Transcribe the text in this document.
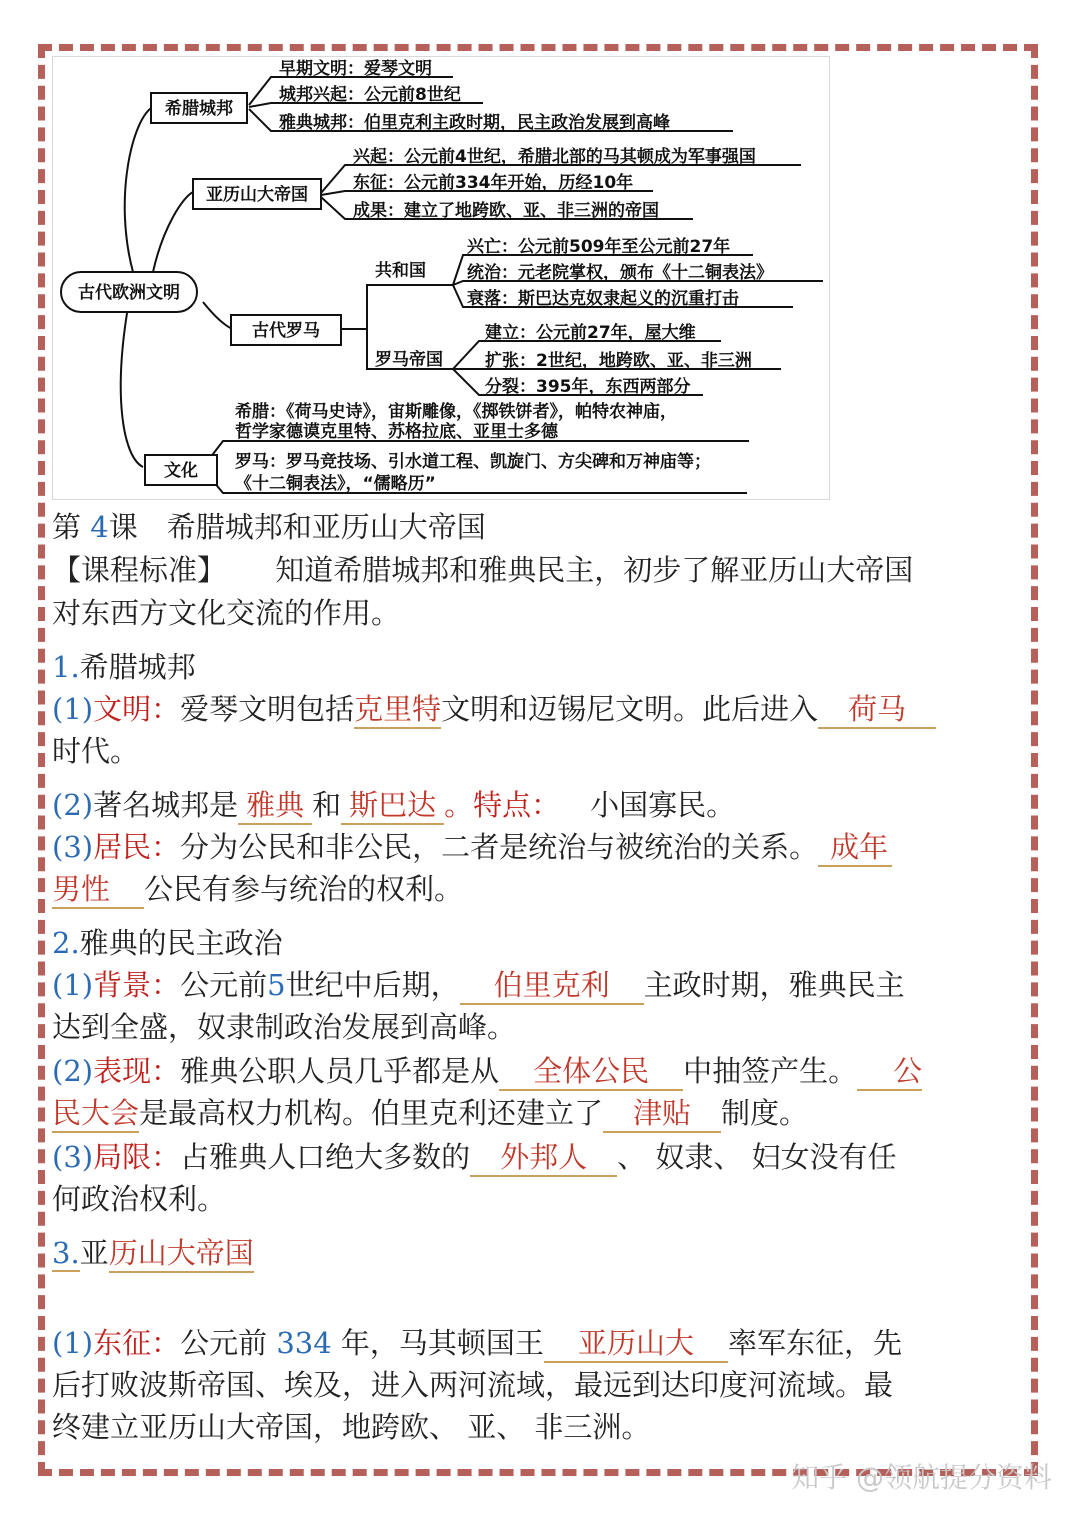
古代欧洲文明
希腊城邦
早期文明：爱琴文明
城邦兴起：公元前8世纪
雅典城邦：伯里克利主政时期，民主政治发展到高峰
亚历山大帝国
兴起：公元前4世纪，希腊北部的马其顿成为军事强国
东征：公元前334年开始，历经10年
成果：建立了地跨欧、亚、非三洲的帝国
古代罗马
共和国
罗马帝国
兴亡：公元前509年至公元前27年
统治：元老院掌权，颁布《十二铜表法》
衰落：斯巴达克奴隶起义的沉重打击
建立：公元前27年，屋大维
扩张：2世纪，地跨欧、亚、非三洲
分裂：395年，东西两部分
文化
希腊：《荷马史诗》，宙斯雕像，《掷铁饼者》，帕特农神庙，
哲学家德谟克里特、苏格拉底、亚里士多德
罗马：罗马竞技场、引水道工程、凯旋门、方尖碑和万神庙等；
《十二铜表法》，“儒略历”
第 4课　希腊城邦和亚历山大帝国
【课程标准】 知道希腊城邦和雅典民主，初步了解亚历山大帝国
对东西方文化交流的作用。
1.希腊城邦
(1)文明：爱琴文明包括克里特文明和迈锡尼文明。此后进入 荷马
时代。
(2)著名城邦是 雅典 和 斯巴达 。特点： 小国寡民。
(3)居民：分为公民和非公民，二者是统治与被统治的关系。 成年
男性 公民有参与统治的权利。
2.雅典的民主政治
(1)背景：公元前5世纪中后期， 伯里克利 主政时期，雅典民主
达到全盛，奴隶制政治发展到高峰。
(2)表现：雅典公职人员几乎都是从 全体公民 中抽签产生。 公
民大会是最高权力机构。伯里克利还建立了 津贴 制度。
(3)局限：占雅典人口绝大多数的 外邦人 、 奴隶、 妇女没有任
何政治权利。
3.亚历山大帝国
(1)东征：公元前 334 年，马其顿国王 亚历山大 率军东征，先
后打败波斯帝国、埃及，进入两河流域，最远到达印度河流域。最
终建立亚历山大帝国，地跨欧、 亚、 非三洲。
知乎 @领航提分资料
